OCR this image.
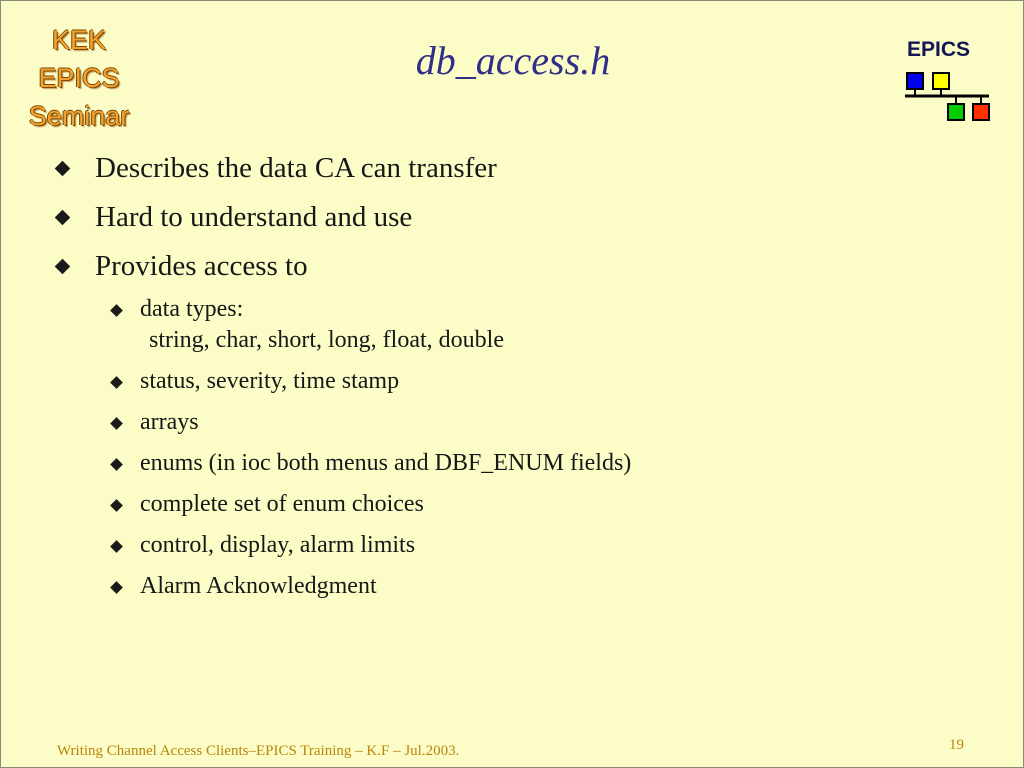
KEK
EPICS
Seminar
db_access.h	EPICS
Describes the data CA can transfer
Hard to understand and use
Provides access to
data types:
string, char, short, long, float, double
status, severity, time stamp
arrays
enums (in ioc both menus and DBF_ENUM fields)
complete set of enum choices
control, display, alarm limits
Alarm Acknowledgment
Writing Channel Access Clients–EPICS Training – K.F – Jul.2003.	19
